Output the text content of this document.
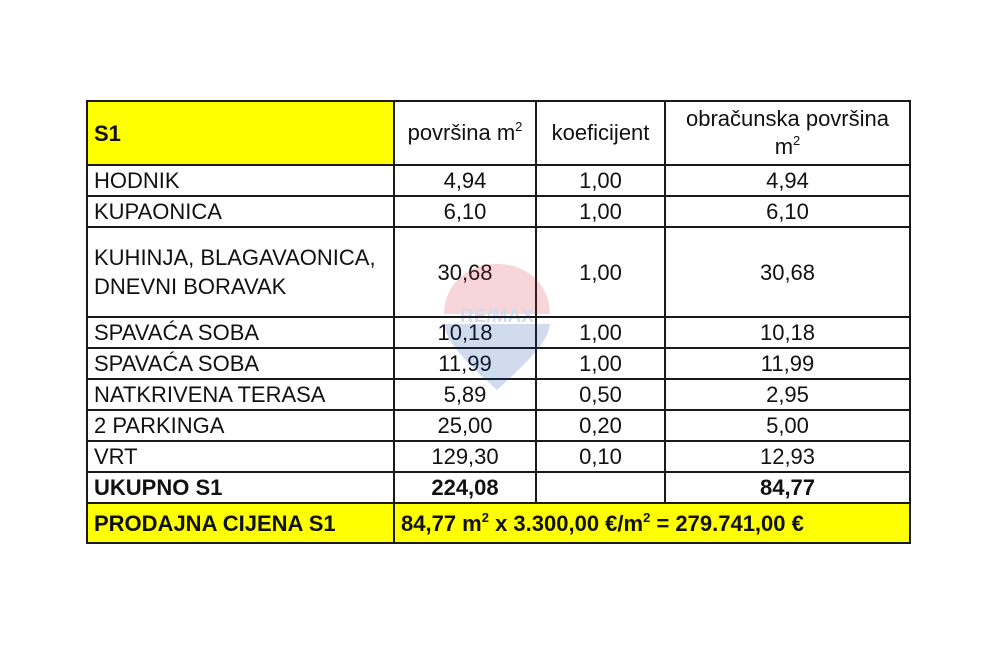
S1	površina $m^2$	koeficijent	obračunska površina $m^2$
HODNIK	4,94	1,00	4,94
KUPAONICA	6,10	1,00	6,10
KUHINJA, BLAGAVAONICA, DNEVNI BORAVAK	30,68	1,00	30,68
SPAVAĆA SOBA	10,18	1,00	10,18
SPAVAĆA SOBA	11,99	1,00	11,99
NATKRIVENA TERASA	5,89	0,50	2,95
2 PARKINGA	25,00	0,20	5,00
VRT	129,30	0,10	12,93
UKUPNO S1	224,08		84,77
PRODAJNA CIJENA S1	84,77 $m^2$ x 3.300,00 $€/m^2 = 279.741,00$ €		
RE/MAX
